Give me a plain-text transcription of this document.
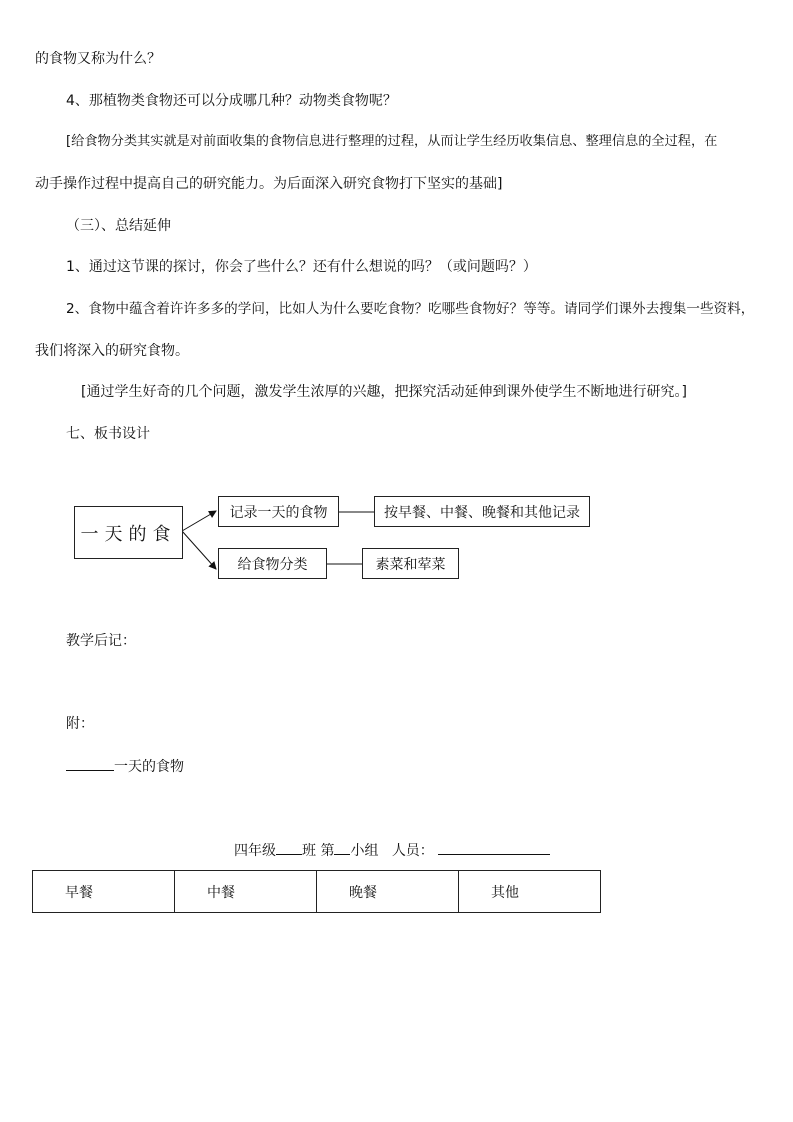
的食物又称为什么？
4、那植物类食物还可以分成哪几种？动物类食物呢？
[给食物分类其实就是对前面收集的食物信息进行整理的过程，从而让学生经历收集信息、整理信息的全过程，在
动手操作过程中提高自己的研究能力。为后面深入研究食物打下坚实的基础]
（三）、总结延伸
1、通过这节课的探讨，你会了些什么？还有什么想说的吗？（或问题吗？）
2、食物中蕴含着许许多多的学问，比如人为什么要吃食物？吃哪些食物好？等等。请同学们课外去搜集一些资料，
我们将深入的研究食物。
[通过学生好奇的几个问题，激发学生浓厚的兴趣，把探究活动延伸到课外使学生不断地进行研究。]
七、板书设计
一天的食
记录一天的食物	按早餐、中餐、晚餐和其他记录
给食物分类	素菜和荤菜
教学后记：
附：
一天的食物
四年级 班 第 小组 人员：
早餐	中餐	晚餐	其他
